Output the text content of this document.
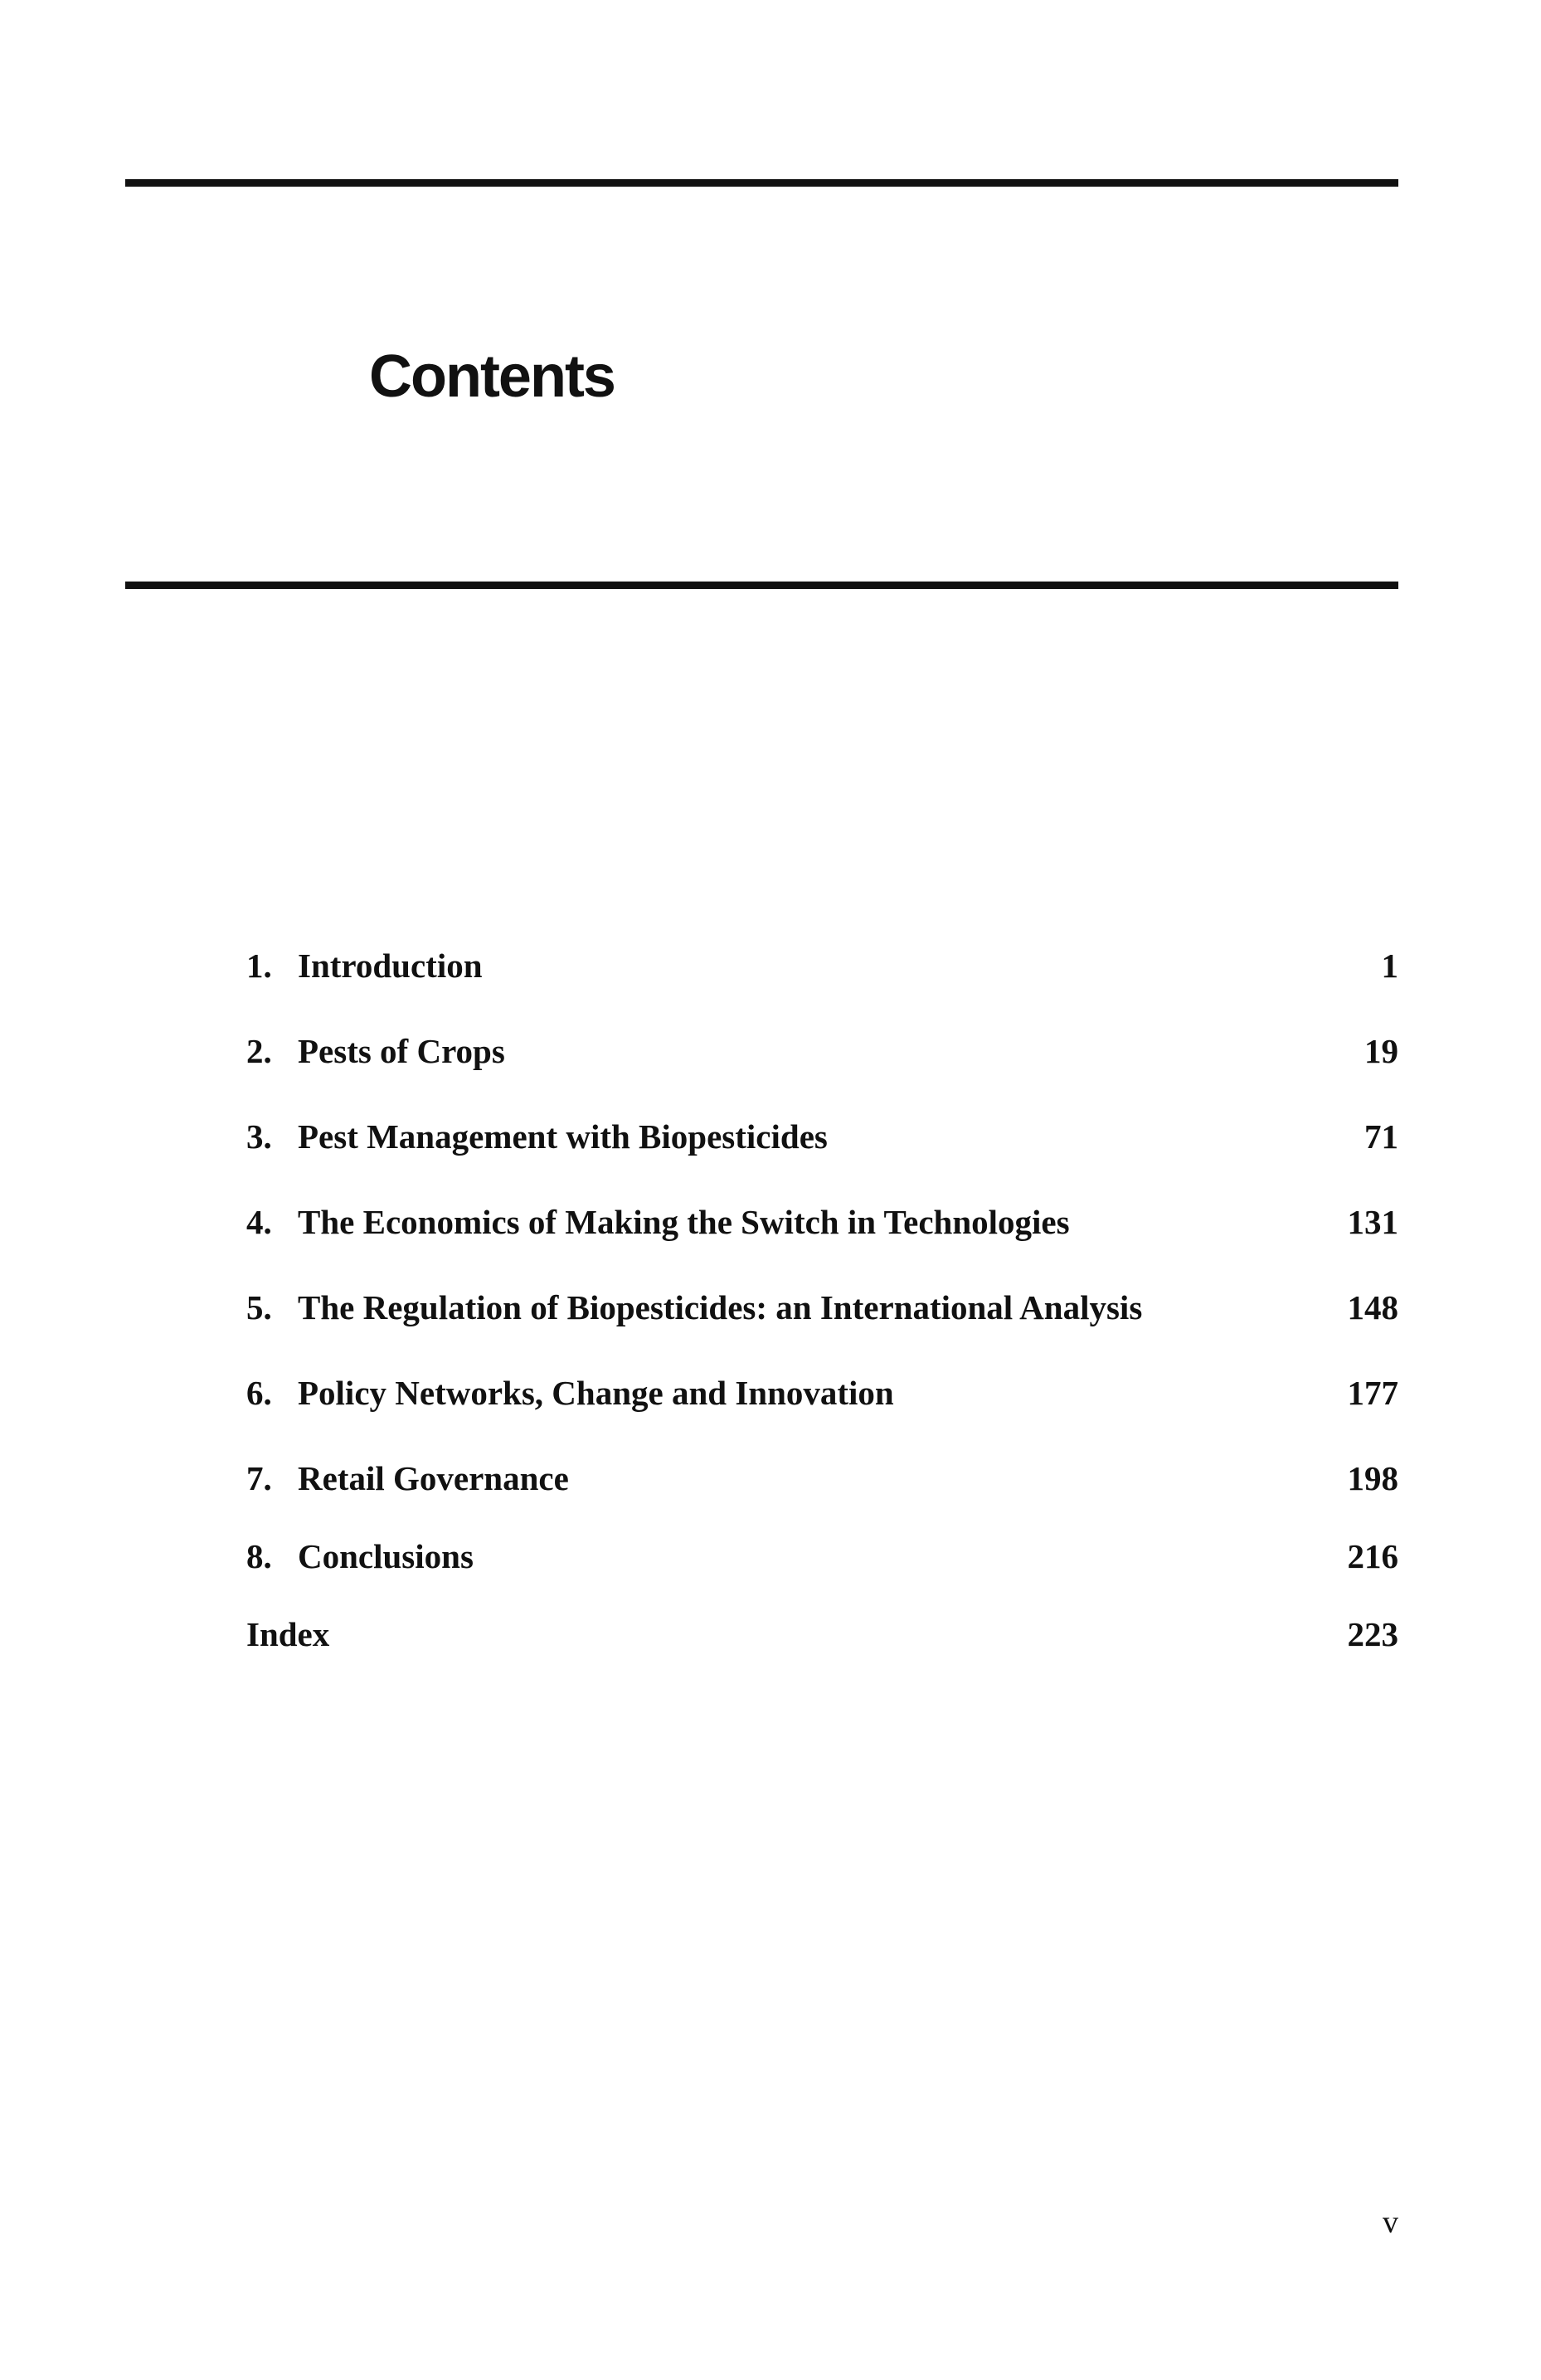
Contents
1. Introduction	1
2. Pests of Crops	19
3. Pest Management with Biopesticides	71
4. The Economics of Making the Switch in Technologies	131
5. The Regulation of Biopesticides: an International Analysis	148
6. Policy Networks, Change and Innovation	177
7. Retail Governance	198
8. Conclusions	216
Index	223
v
